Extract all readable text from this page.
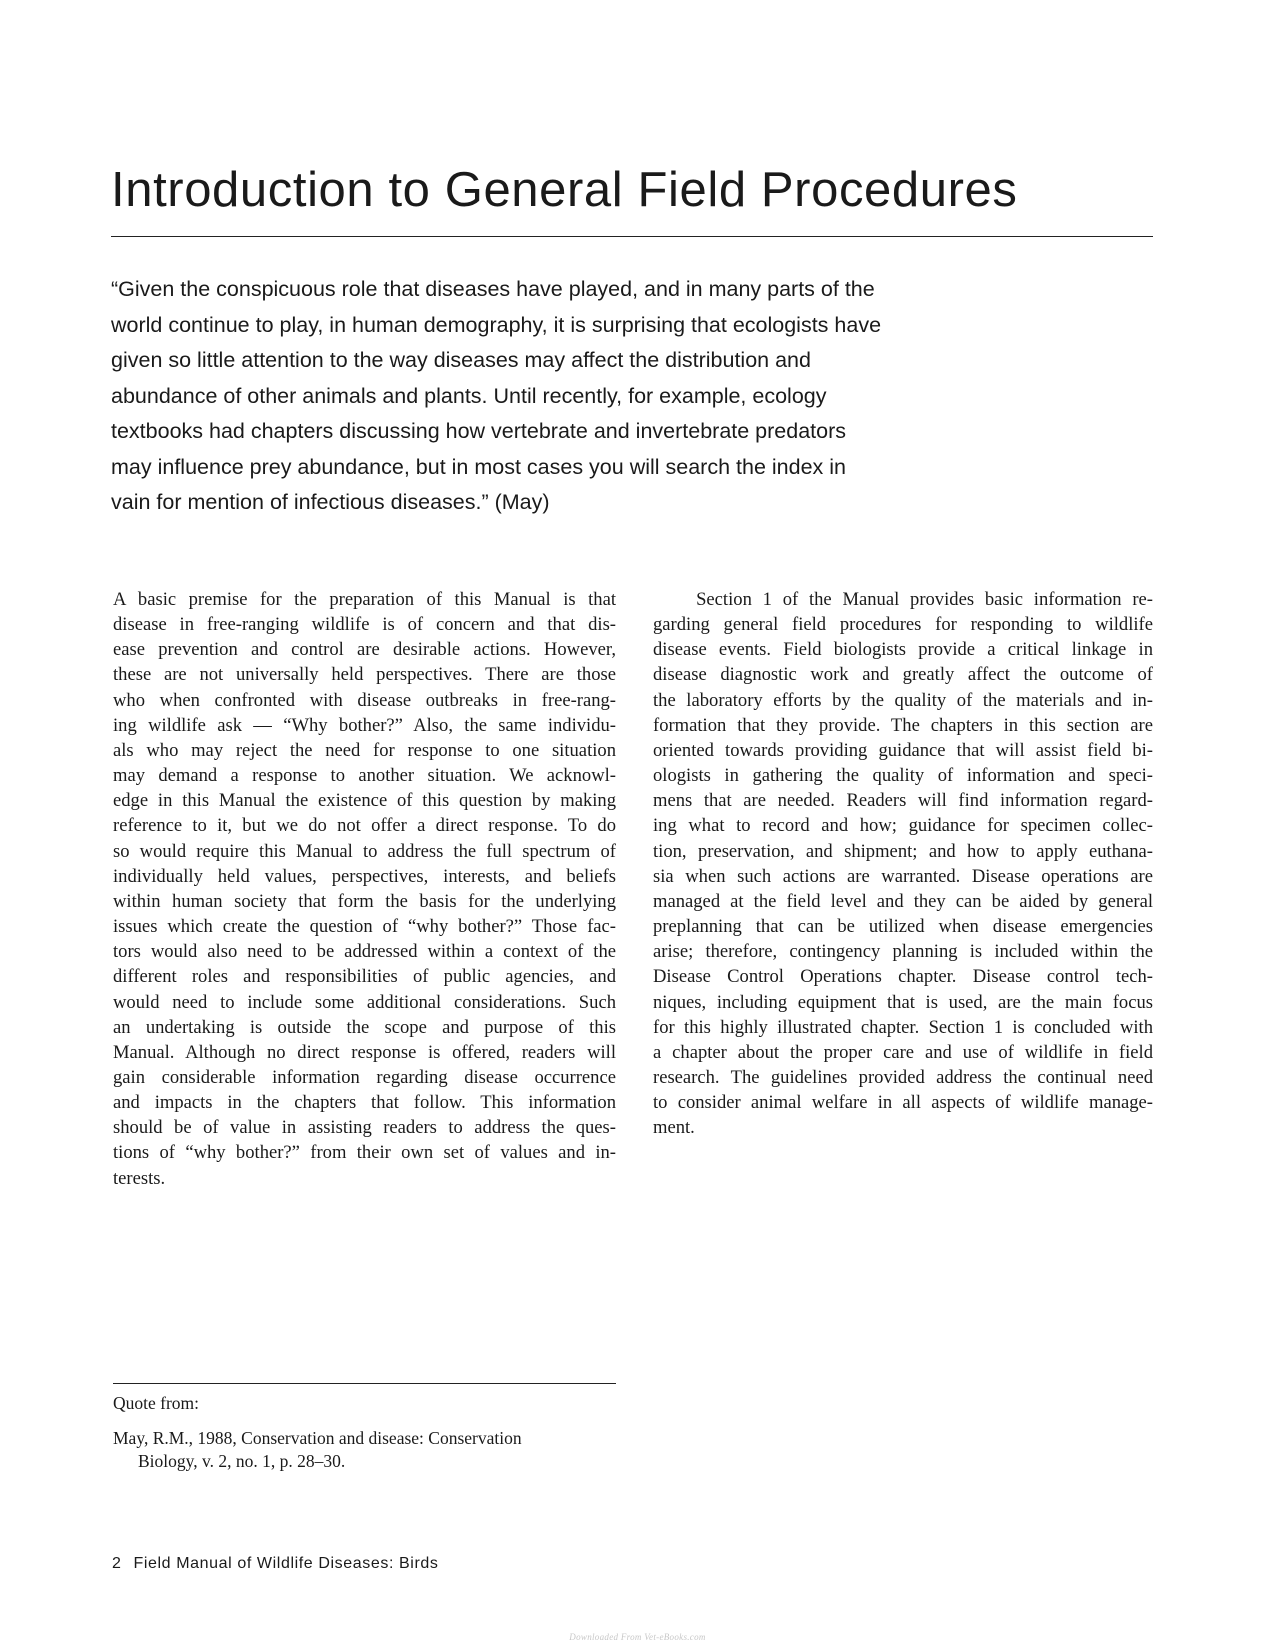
Introduction to General Field Procedures

“Given the conspicuous role that diseases have played, and in many parts of the
world continue to play, in human demography, it is surprising that ecologists have
given so little attention to the way diseases may affect the distribution and
abundance of other animals and plants. Until recently, for example, ecology
textbooks had chapters discussing how vertebrate and invertebrate predators
may influence prey abundance, but in most cases you will search the index in
vain for mention of infectious diseases.” (May)

A basic premise for the preparation of this Manual is that
disease in free-ranging wildlife is of concern and that dis-
ease prevention and control are desirable actions. However,
these are not universally held perspectives. There are those
who when confronted with disease outbreaks in free-rang-
ing wildlife ask — “Why bother?” Also, the same individu-
als who may reject the need for response to one situation
may demand a response to another situation. We acknowl-
edge in this Manual the existence of this question by making
reference to it, but we do not offer a direct response. To do
so would require this Manual to address the full spectrum of
individually held values, perspectives, interests, and beliefs
within human society that form the basis for the underlying
issues which create the question of “why bother?” Those fac-
tors would also need to be addressed within a context of the
different roles and responsibilities of public agencies, and
would need to include some additional considerations. Such
an undertaking is outside the scope and purpose of this
Manual. Although no direct response is offered, readers will
gain considerable information regarding disease occurrence
and impacts in the chapters that follow. This information
should be of value in assisting readers to address the ques-
tions of “why bother?” from their own set of values and in-
terests.
Section 1 of the Manual provides basic information re-
garding general field procedures for responding to wildlife
disease events. Field biologists provide a critical linkage in
disease diagnostic work and greatly affect the outcome of
the laboratory efforts by the quality of the materials and in-
formation that they provide. The chapters in this section are
oriented towards providing guidance that will assist field bi-
ologists in gathering the quality of information and speci-
mens that are needed. Readers will find information regard-
ing what to record and how; guidance for specimen collec-
tion, preservation, and shipment; and how to apply euthana-
sia when such actions are warranted. Disease operations are
managed at the field level and they can be aided by general
preplanning that can be utilized when disease emergencies
arise; therefore, contingency planning is included within the
Disease Control Operations chapter. Disease control tech-
niques, including equipment that is used, are the main focus
for this highly illustrated chapter. Section 1 is concluded with
a chapter about the proper care and use of wildlife in field
research. The guidelines provided address the continual need
to consider animal welfare in all aspects of wildlife manage-
ment.

Quote from:

May, R.M., 1988, Conservation and disease: Conservation
Biology, v. 2, no. 1, p. 28–30.

2 Field Manual of Wildlife Diseases: Birds
Downloaded From Vet-eBooks.com
